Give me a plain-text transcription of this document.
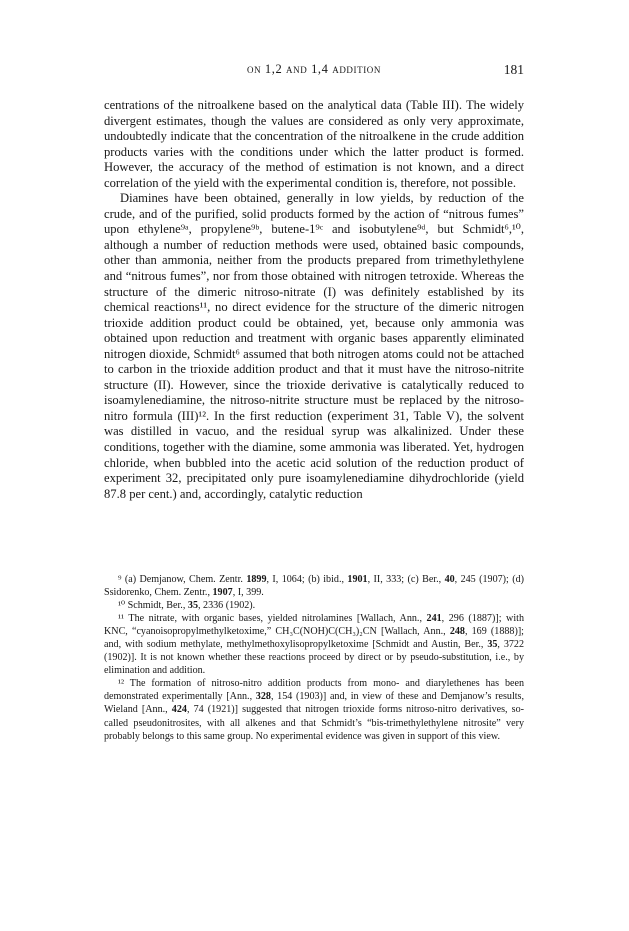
on 1,2 and 1,4 addition	181

centrations of the nitroalkene based on the analytical data (Table III). The widely divergent estimates, though the values are considered as only very approximate, undoubtedly indicate that the concentration of the nitroalkene in the crude addition products varies with the conditions under which the latter product is formed. However, the accuracy of the method of estimation is not known, and a direct correlation of the yield with the experimental condition is, therefore, not possible.

Diamines have been obtained, generally in low yields, by reduction of the crude, and of the purified, solid products formed by the action of “nitrous fumes” upon ethylene⁹ᵃ, propylene⁹ᵇ, butene-1⁹ᶜ and isobutylene⁹ᵈ, but Schmidt⁶,¹⁰, although a number of reduction methods were used, obtained basic compounds, other than ammonia, neither from the products prepared from trimethylethylene and “nitrous fumes”, nor from those obtained with nitrogen tetroxide. Whereas the structure of the dimeric nitroso-nitrate (I) was definitely established by its chemical reactions¹¹, no direct evidence for the structure of the dimeric nitrogen trioxide addition product could be obtained, yet, because only ammonia was obtained upon reduction and treatment with organic bases apparently eliminated nitrogen dioxide, Schmidt⁶ assumed that both nitrogen atoms could not be attached to carbon in the trioxide addition product and that it must have the nitroso-nitrite structure (II). However, since the trioxide derivative is catalytically reduced to isoamylenediamine, the nitroso-nitrite structure must be replaced by the nitroso-nitro formula (III)¹². In the first reduction (experiment 31, Table V), the solvent was distilled in vacuo, and the residual syrup was alkalinized. Under these conditions, together with the diamine, some ammonia was liberated. Yet, hydrogen chloride, when bubbled into the acetic acid solution of the reduction product of experiment 32, precipitated only pure isoamylenediamine dihydrochloride (yield 87.8 per cent.) and, accordingly, catalytic reduction

⁹ (a) Demjanow, Chem. Zentr. 1899, I, 1064; (b) ibid., 1901, II, 333; (c) Ber., 40, 245 (1907); (d) Ssidorenko, Chem. Zentr., 1907, I, 399.

¹⁰ Schmidt, Ber., 35, 2336 (1902).

¹¹ The nitrate, with organic bases, yielded nitrolamines [Wallach, Ann., 241, 296 (1887)]; with KNC, “cyanoisopropylmethylketoxime,” CH₃C(NOH)C(CH₃)₂CN [Wallach, Ann., 248, 169 (1888)]; and, with sodium methylate, methylmethoxylisopropylketoxime [Schmidt and Austin, Ber., 35, 3722 (1902)]. It is not known whether these reactions proceed by direct or by pseudo-substitution, i.e., by elimination and addition.

¹² The formation of nitroso-nitro addition products from mono- and diarylethenes has been demonstrated experimentally [Ann., 328, 154 (1903)] and, in view of these and Demjanow’s results, Wieland [Ann., 424, 74 (1921)] suggested that nitrogen trioxide forms nitroso-nitro derivatives, so-called pseudonitrosites, with all alkenes and that Schmidt’s “bis-trimethylethylene nitrosite” very probably belongs to this same group. No experimental evidence was given in support of this view.
